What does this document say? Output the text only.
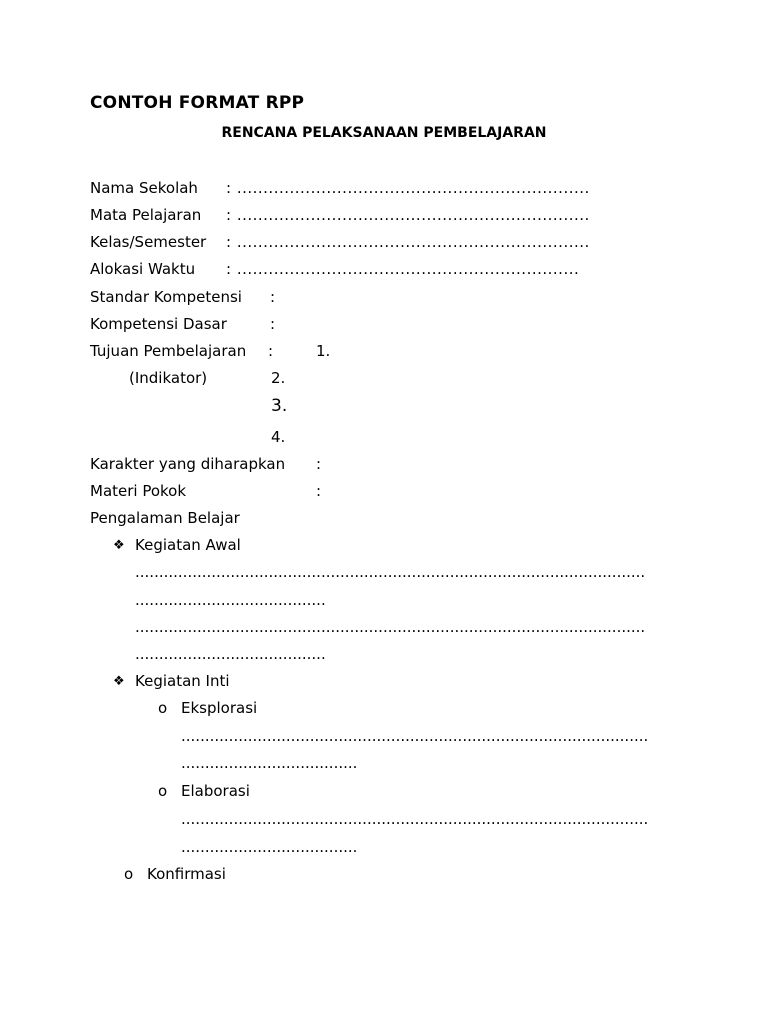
CONTOH FORMAT RPP
RENCANA PELAKSANAAN PEMBELAJARAN
Nama Sekolah : ...................................................................
Mata Pelajaran : ...................................................................
Kelas/Semester : ...................................................................
Alokasi Waktu : .................................................................
Standar Kompetensi :
Kompetensi Dasar	:
Tujuan Pembelajaran :	1.
(Indikator)	2.
3.
4.
Karakter yang diharapkan :
Materi Pokok	:
Pengalaman Belajar
❖ Kegiatan Awal
...........................................................................................................
........................................
...........................................................................................................
........................................
❖ Kegiatan Inti
o Eksplorasi
..................................................................................................
.....................................
o Elaborasi
..................................................................................................
.....................................
o Konfirmasi
